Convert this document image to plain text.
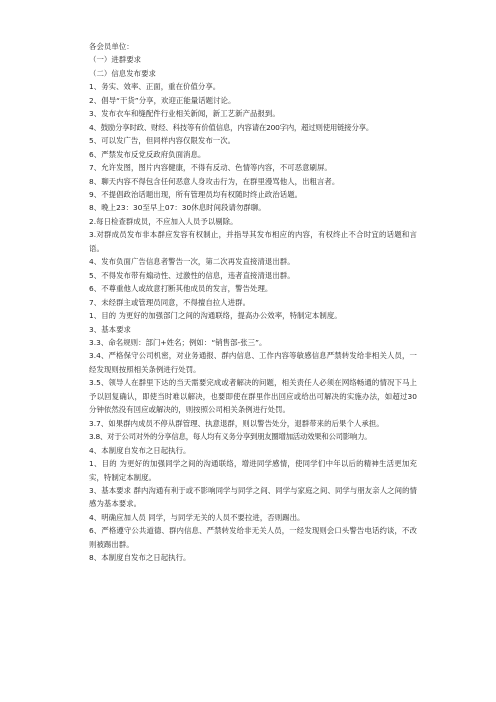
各会员单位：

（一）进群要求

（二）信息发布要求

1、务实、效率、正面，重在价值分享。

2、倡导“干货”分享，欢迎正能量话题讨论。

3、发布衣车和缝配件行业相关新闻，新工艺新产品报到。

4、鼓励分享时政、财经、科技等有价值信息，内容请在200字内，超过则使用链接分享。

5、可以发广告，但同样内容仅限发布一次。

6、严禁发布反党反政府负面消息。

7、允许发图，图片内容健康，不得有反动、色情等内容，不可恶意刷屏。

8、聊天内容不得包含任何恶意人身攻击行为，在群里漫骂他人，出粗言者。

9、不提倡政治话题出现，所有管理员均有权随时终止政治话题。

8、晚上23：30至早上07：30休息时间段请勿群聊。

2.每日检查群成员，不应加入人员予以剔除。

3.对群成员发布非本群应发容有权制止，并指导其发布相应的内容，有权终止不合时宜的话题和言语。

4、发布负面广告信息者警告一次，第二次再发直接清退出群。

5、不得发布带有煽动性、过激性的信息，违者直接清退出群。

6、不尊重他人或故意打断其他成员的发言，警告处理。

7、未经群主或管理员同意，不得擅自拉人进群。

1、目的 为更好的加强部门之间的沟通联络，提高办公效率，特制定本制度。

3、基本要求

3.3、命名规则：部门+姓名；例如：“销售部-张三”。

3.4、严格保守公司机密，对业务通报、群内信息、工作内容等敏感信息严禁转发给非相关人员，一经发现则按照相关条例进行处罚。

3.5、领导人在群里下达的当天需要完成或者解决的问题，相关责任人必须在网络畅通的情况下马上予以回复确认，即使当时难以解决，也要即使在群里作出回应或给出可解决的实施办法，如超过30分钟依然没有回应或解决的，则按照公司相关条例进行处罚。

3.7、如果群内成员不停从群管理、执意退群，则以警告处分，退群带来的后果个人承担。

3.8、对于公司对外的分享信息，每人均有义务分享到朋友圈增加活动效果和公司影响力。

4、本制度自发布之日起执行。

1、目的 为更好的加强同学之间的沟通联络，增进同学感情，使同学们中年以后的精神生活更加充实，特制定本制度。

3、基本要求 群内沟通有利于或不影响同学与同学之间、同学与家庭之间、同学与朋友亲人之间的情感为基本要求。

4、明确应加人员 同学，与同学无关的人员不要拉进，否则踢出。

6、严格遵守公共道德、群内信息、严禁转发给非无关人员，一经发现则会口头警告电话约谈，不改则被踢出群。

8、本制度自发布之日起执行。
